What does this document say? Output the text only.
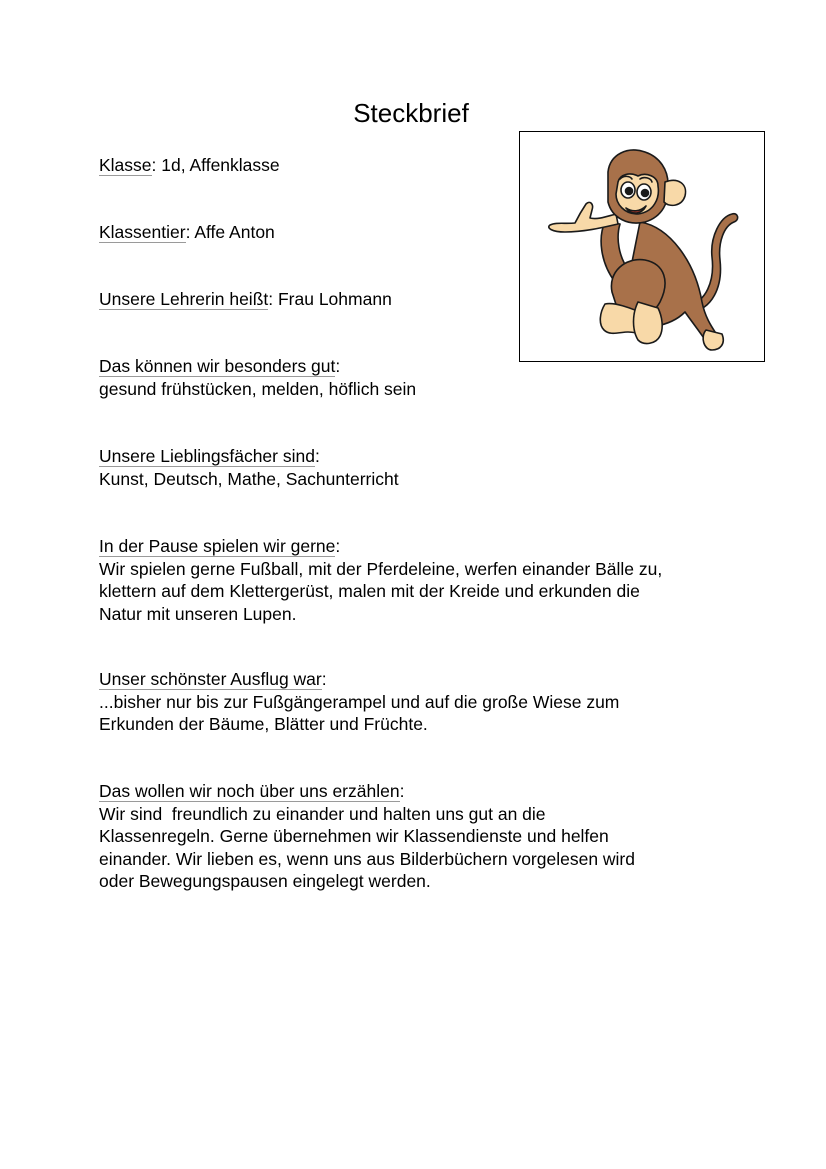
Steckbrief
Klasse: 1d, Affenklasse
Klassentier: Affe Anton
Unsere Lehrerin heißt: Frau Lohmann
Das können wir besonders gut:
gesund frühstücken, melden, höflich sein
Unsere Lieblingsfächer sind:
Kunst, Deutsch, Mathe, Sachunterricht
In der Pause spielen wir gerne:
Wir spielen gerne Fußball, mit der Pferdeleine, werfen einander Bälle zu,
klettern auf dem Klettergerüst, malen mit der Kreide und erkunden die
Natur mit unseren Lupen.
Unser schönster Ausflug war:
...bisher nur bis zur Fußgängerampel und auf die große Wiese zum
Erkunden der Bäume, Blätter und Früchte.
Das wollen wir noch über uns erzählen:
Wir sind  freundlich zu einander und halten uns gut an die
Klassenregeln. Gerne übernehmen wir Klassendienste und helfen
einander. Wir lieben es, wenn uns aus Bilderbüchern vorgelesen wird
oder Bewegungspausen eingelegt werden.
